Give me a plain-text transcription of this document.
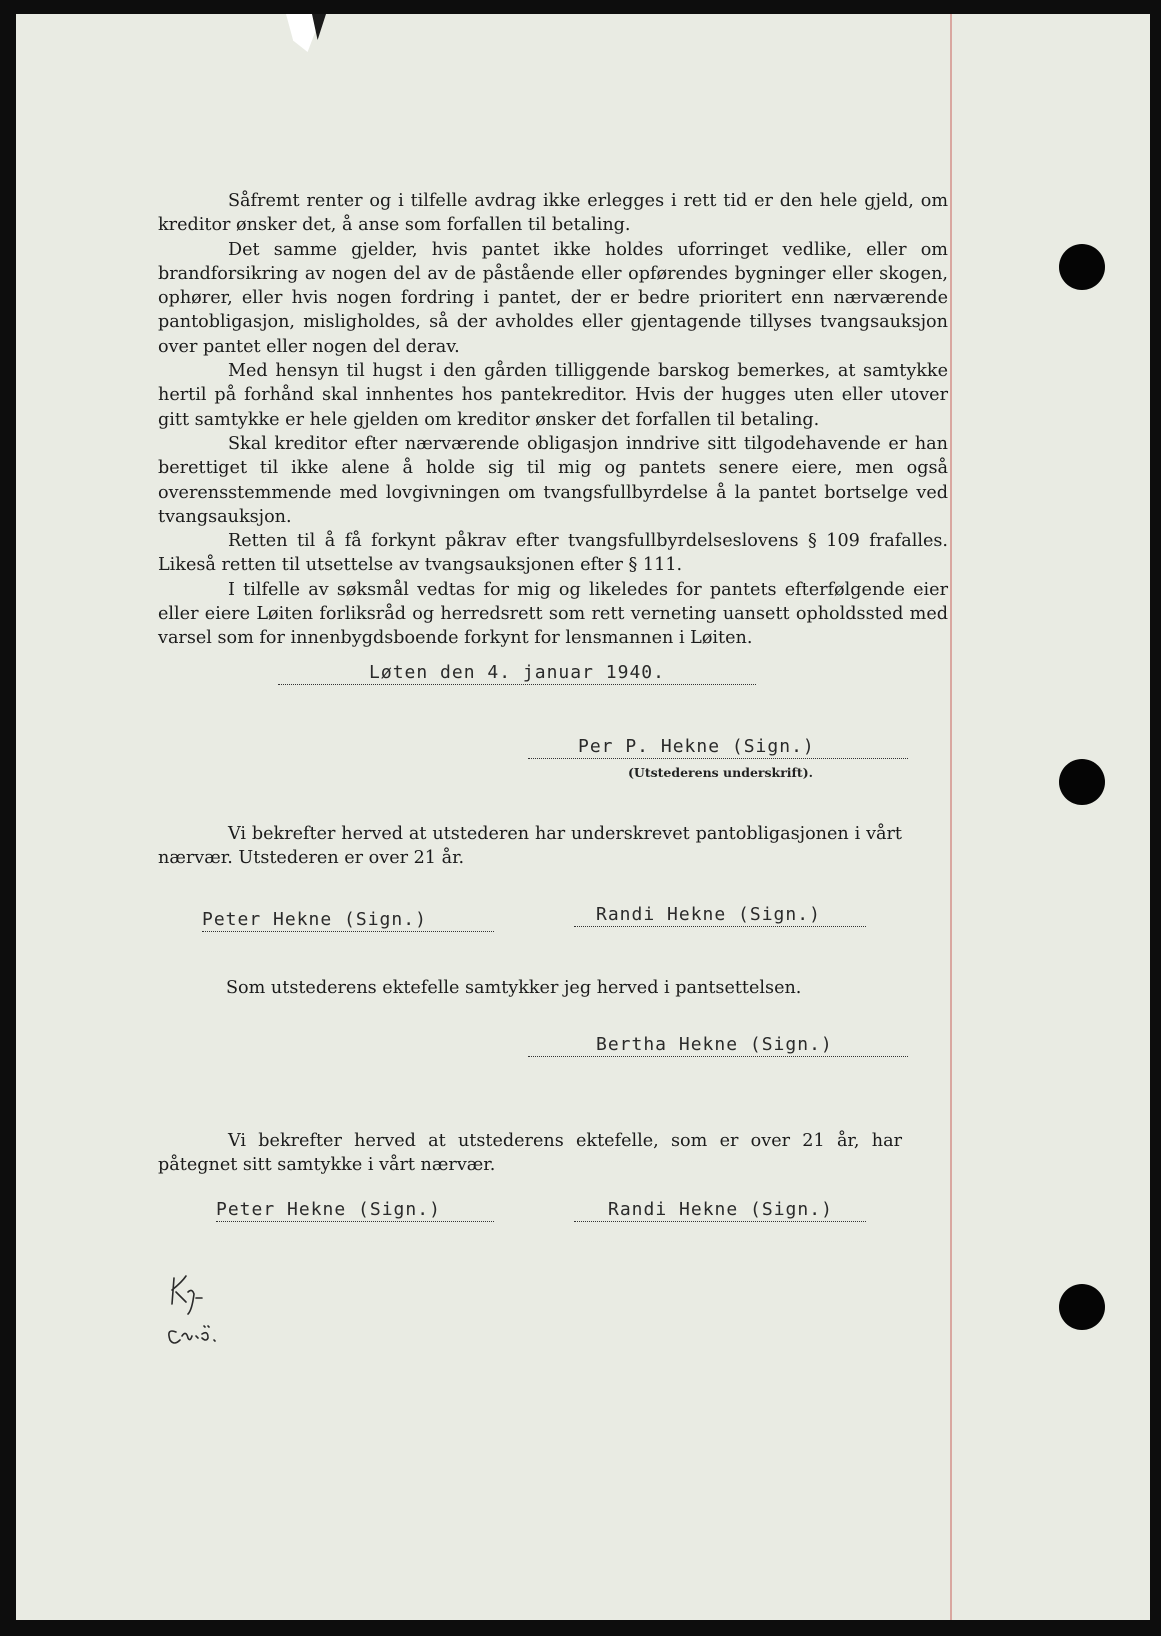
Såfremt renter og i tilfelle avdrag ikke erlegges i rett tid er den hele gjeld, om kreditor ønsker det, å anse som forfallen til betaling.

Det samme gjelder, hvis pantet ikke holdes uforringet vedlike, eller om brandforsikring av nogen del av de påstående eller opførendes bygninger eller skogen, ophører, eller hvis nogen fordring i pantet, der er bedre prioritert enn nærværende pantobligasjon, misligholdes, så der avholdes eller gjentagende tillyses tvangsauksjon over pantet eller nogen del derav.

Med hensyn til hugst i den gården tilliggende barskog bemerkes, at samtykke hertil på forhånd skal innhentes hos pantekreditor. Hvis der hugges uten eller utover gitt samtykke er hele gjelden om kreditor ønsker det forfallen til betaling.

Skal kreditor efter nærværende obligasjon inndrive sitt tilgodehavende er han berettiget til ikke alene å holde sig til mig og pantets senere eiere, men også overensstemmende med lovgivningen om tvangsfullbyrdelse å la pantet bortselge ved tvangsauksjon.

Retten til å få forkynt påkrav efter tvangsfullbyrdelseslovens § 109 frafalles. Likeså retten til utsettelse av tvangsauksjonen efter § 111.

I tilfelle av søksmål vedtas for mig og likeledes for pantets efterfølgende eier eller eiere Løiten forliksråd og herredsrett som rett verneting uansett opholdssted med varsel som for innenbygdsboende forkynt for lensmannen i Løiten.

Løten den 4. januar 1940.
Per P. Hekne (Sign.)
(Utstederens underskrift).
Vi bekrefter herved at utstederen har underskrevet pantobligasjonen i vårt nærvær. Utstederen er over 21 år.
Peter Hekne (Sign.)	Randi Hekne (Sign.)
Som utstederens ektefelle samtykker jeg herved i pantsettelsen.
Bertha Hekne (Sign.)
Vi bekrefter herved at utstederens ektefelle, som er over 21 år, har påtegnet sitt samtykke i vårt nærvær.
Peter Hekne (Sign.)	Randi Hekne (Sign.)
